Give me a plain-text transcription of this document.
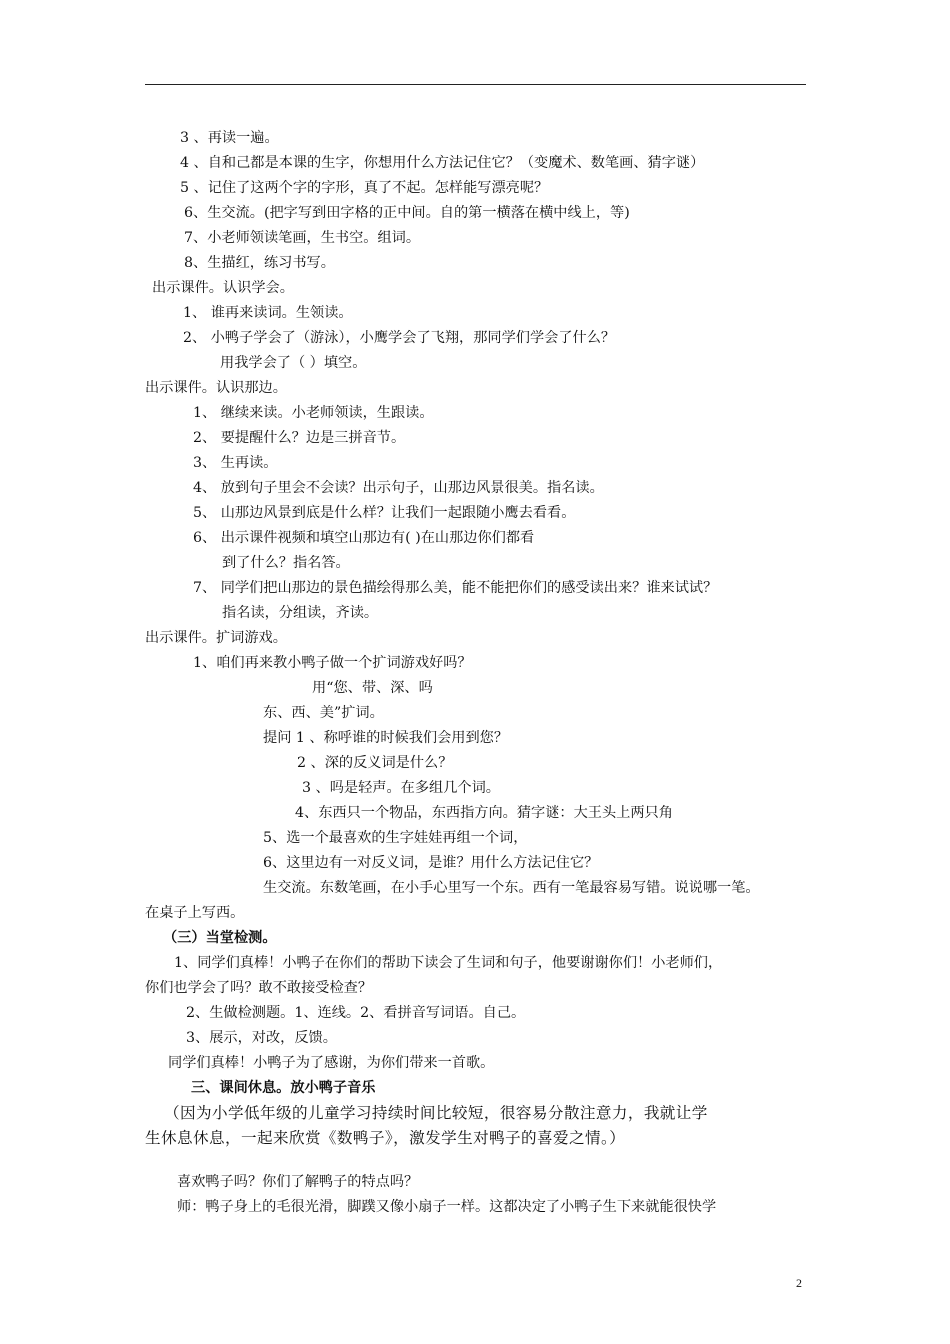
3 、再读一遍。
4 、自和己都是本课的生字，你想用什么方法记住它？（变魔术、数笔画、猜字谜）
5 、记住了这两个字的字形，真了不起。怎样能写漂亮呢？
6、生交流。(把字写到田字格的正中间。自的第一横落在横中线上，等)
7、小老师领读笔画，生书空。组词。
8、生描红，练习书写。
出示课件。认识学会。
1、 谁再来读词。生领读。
2、 小鸭子学会了（游泳），小鹰学会了飞翔，那同学们学会了什么？
用我学会了（ ）填空。
出示课件。认识那边。
1、 继续来读。小老师领读，生跟读。
2、 要提醒什么？边是三拼音节。
3、 生再读。
4、 放到句子里会不会读？出示句子，山那边风景很美。指名读。
5、 山那边风景到底是什么样？让我们一起跟随小鹰去看看。
6、 出示课件视频和填空山那边有( )在山那边你们都看
到了什么？指名答。
7、 同学们把山那边的景色描绘得那么美，能不能把你们的感受读出来？谁来试试？
指名读，分组读，齐读。
出示课件。扩词游戏。
1、咱们再来教小鸭子做一个扩词游戏好吗？
用“您、带、深、吗
东、西、美”扩词。
提问 1 、称呼谁的时候我们会用到您？
2 、深的反义词是什么？
3 、吗是轻声。在多组几个词。
4、东西只一个物品，东西指方向。猜字谜：大王头上两只角
5、选一个最喜欢的生字娃娃再组一个词，
6、这里边有一对反义词，是谁？用什么方法记住它？
生交流。东数笔画，在小手心里写一个东。西有一笔最容易写错。说说哪一笔。
在桌子上写西。
（三）当堂检测。
1、同学们真棒！小鸭子在你们的帮助下读会了生词和句子，他要谢谢你们！小老师们，
你们也学会了吗？敢不敢接受检查？
2、生做检测题。1、连线。2、看拼音写词语。自己。
3、展示，对改，反馈。
同学们真棒！小鸭子为了感谢，为你们带来一首歌。
三、课间休息。放小鸭子音乐
（因为小学低年级的儿童学习持续时间比较短，很容易分散注意力，我就让学
生休息休息，一起来欣赏《数鸭子》，激发学生对鸭子的喜爱之情。）
喜欢鸭子吗？你们了解鸭子的特点吗？
师：鸭子身上的毛很光滑，脚蹼又像小扇子一样。这都决定了小鸭子生下来就能很快学
2
